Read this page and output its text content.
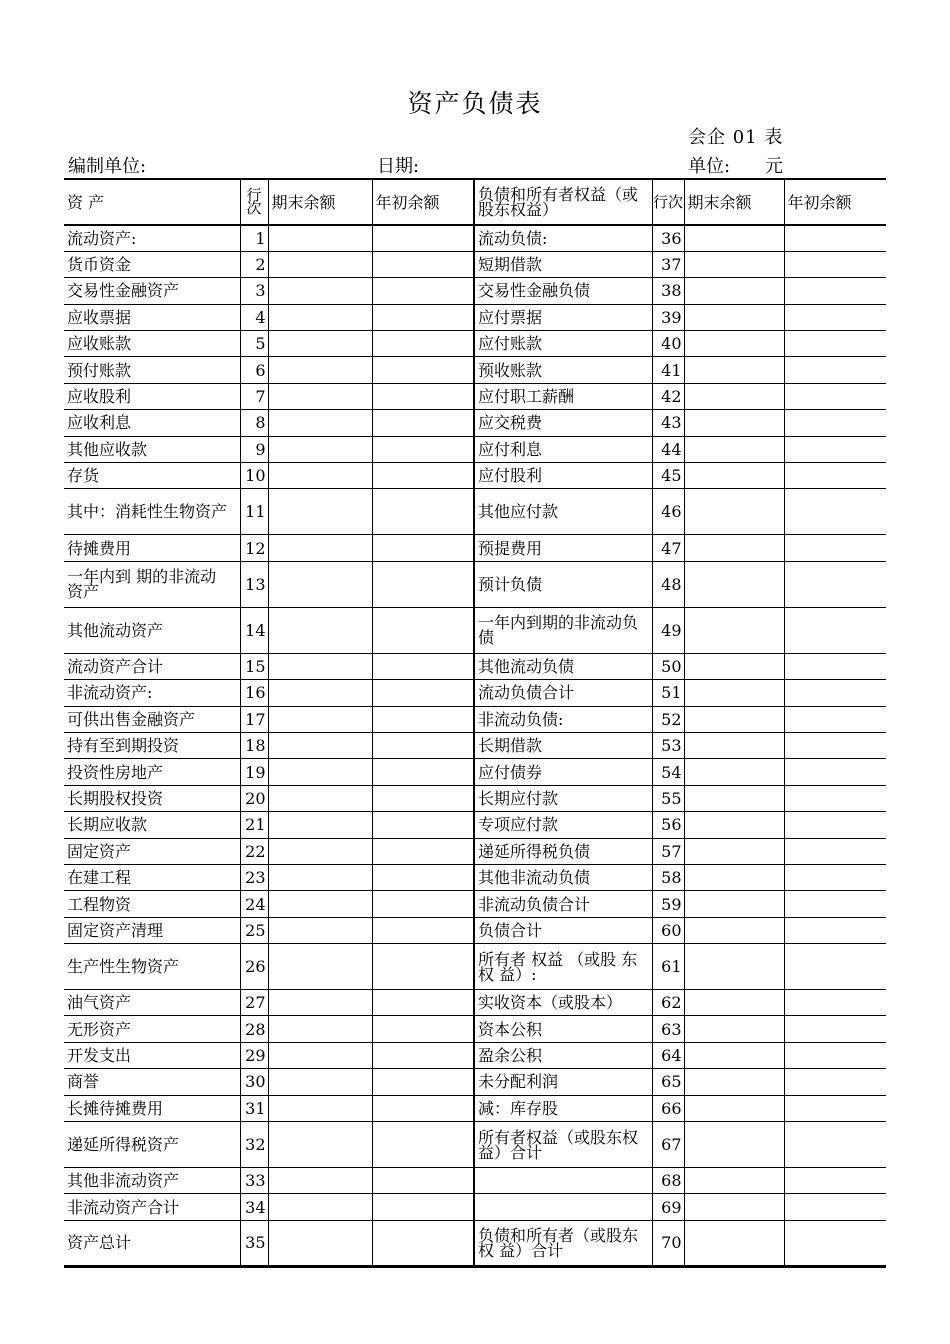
资产负债表
会企 01 表
编制单位:	日期:	单位: 元
资 产	行次	期末余额	年初余额	负债和所有者权益（或股东权益）	行次	期末余额	年初余额
流动资产:	1			流动负债:	36		
货币资金	2			短期借款	37		
交易性金融资产	3			交易性金融负债	38		
应收票据	4			应付票据	39		
应收账款	5			应付账款	40		
预付账款	6			预收账款	41		
应收股利	7			应付职工薪酬	42		
应收利息	8			应交税费	43		
其他应收款	9			应付利息	44		
存货	10			应付股利	45		
其中：消耗性生物资产	11			其他应付款	46		
待摊费用	12			预提费用	47		
一年内到 期的非流动 资产	13			预计负债	48		
其他流动资产	14			一年内到期的非流动负债	49		
流动资产合计	15			其他流动负债	50		
非流动资产:	16			流动负债合计	51		
可供出售金融资产	17			非流动负债:	52		
持有至到期投资	18			长期借款	53		
投资性房地产	19			应付债券	54		
长期股权投资	20			长期应付款	55		
长期应收款	21			专项应付款	56		
固定资产	22			递延所得税负债	57		
在建工程	23			其他非流动负债	58		
工程物资	24			非流动负债合计	59		
固定资产清理	25			负债合计	60		
生产性生物资产	26			所有者 权益 （或股 东权 益）:	61		
油气资产	27			实收资本（或股本）	62		
无形资产	28			资本公积	63		
开发支出	29			盈余公积	64		
商誉	30			未分配利润	65		
长摊待摊费用	31			减：库存股	66		
递延所得税资产	32			所有者权益（或股东权 益）合计	67		
其他非流动资产	33				68		
非流动资产合计	34				69		
资产总计	35			负债和所有者（或股东权 益）合计	70		
